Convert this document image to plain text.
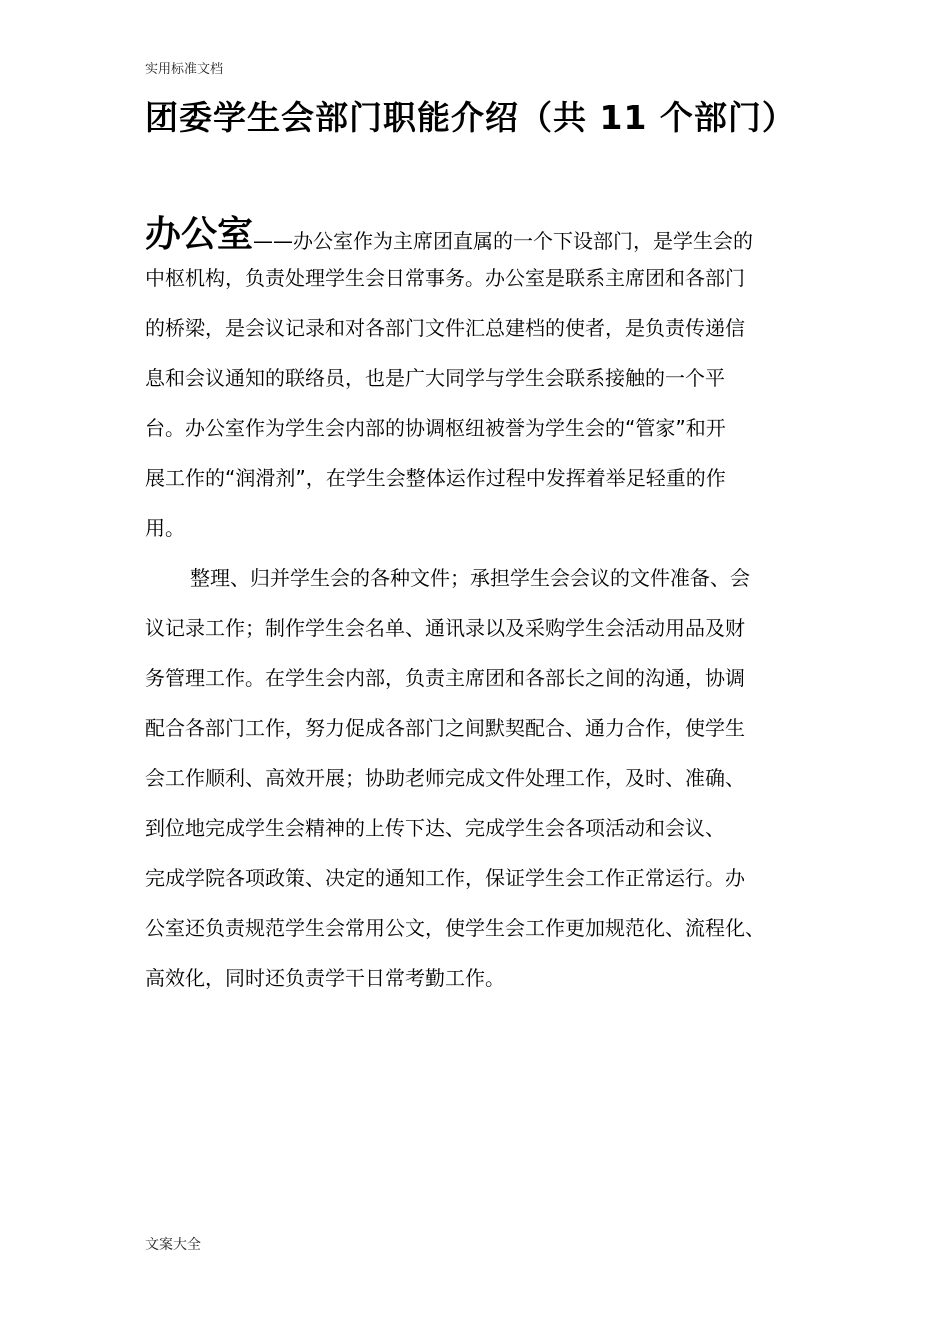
实用标准文档
团委学生会部门职能介绍（共 11 个部门）
办公室 ——办公室作为主席团直属的一个下设部门，是学生会的
中枢机构，负责处理学生会日常事务。办公室是联系主席团和各部门
的桥梁，是会议记录和对各部门文件汇总建档的使者，是负责传递信
息和会议通知的联络员，也是广大同学与学生会联系接触的一个平
台。办公室作为学生会内部的协调枢纽被誉为学生会的“管家”和开
展工作的“润滑剂”，在学生会整体运作过程中发挥着举足轻重的作
用。
整理、归并学生会的各种文件；承担学生会会议的文件准备、会
议记录工作；制作学生会名单、通讯录以及采购学生会活动用品及财
务管理工作。在学生会内部，负责主席团和各部长之间的沟通，协调
配合各部门工作，努力促成各部门之间默契配合、通力合作，使学生
会工作顺利、高效开展；协助老师完成文件处理工作，及时、准确、
到位地完成学生会精神的上传下达、完成学生会各项活动和会议、
完成学院各项政策、决定的通知工作，保证学生会工作正常运行。办
公室还负责规范学生会常用公文，使学生会工作更加规范化、流程化、
高效化，同时还负责学干日常考勤工作。
文案大全
